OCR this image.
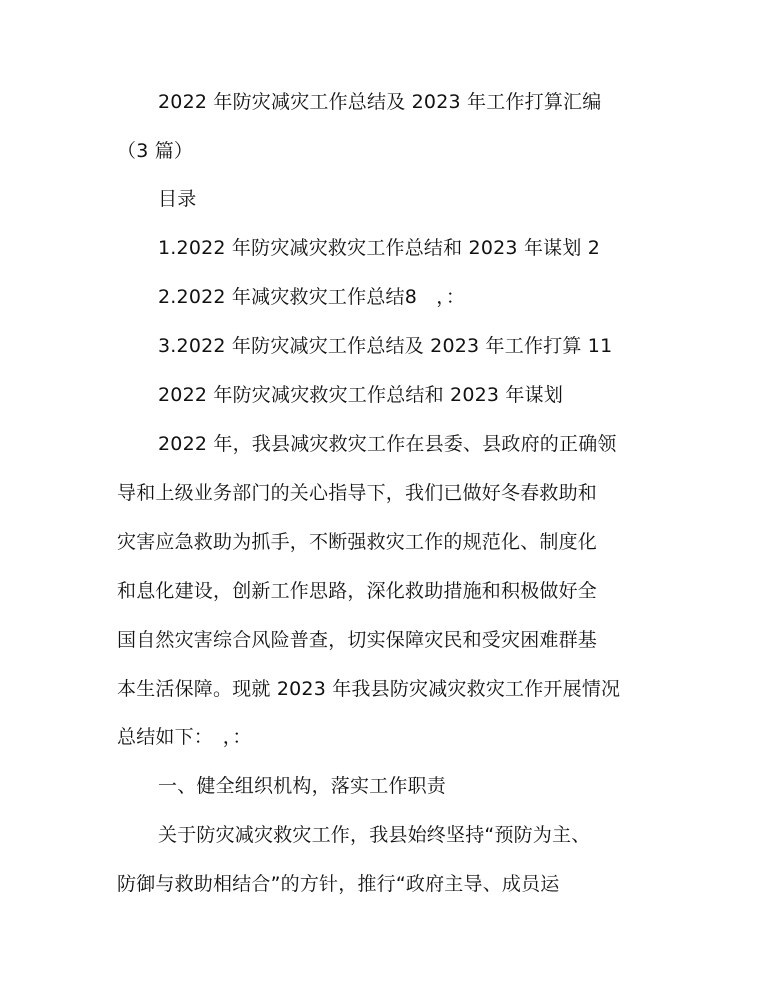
2022 年防灾减灾工作总结及 2023 年工作打算汇编
（3 篇）
目录
1.2022 年防灾减灾救灾工作总结和 2023 年谋划 2
2.2022 年减灾救灾工作总结8　，：
3.2022 年防灾减灾工作总结及 2023 年工作打算 11
2022 年防灾减灾救灾工作总结和 2023 年谋划
2022 年，我县减灾救灾工作在县委、县政府的正确领
导和上级业务部门的关心指导下，我们已做好冬春救助和
灾害应急救助为抓手，不断强救灾工作的规范化、制度化
和息化建设，创新工作思路，深化救助措施和积极做好全
国自然灾害综合风险普查，切实保障灾民和受灾困难群基
本生活保障。现就 2023 年我县防灾减灾救灾工作开展情况
总结如下：　，：
一、健全组织机构，落实工作职责
关于防灾减灾救灾工作，我县始终坚持“预防为主、
防御与救助相结合”的方针，推行“政府主导、成员运
